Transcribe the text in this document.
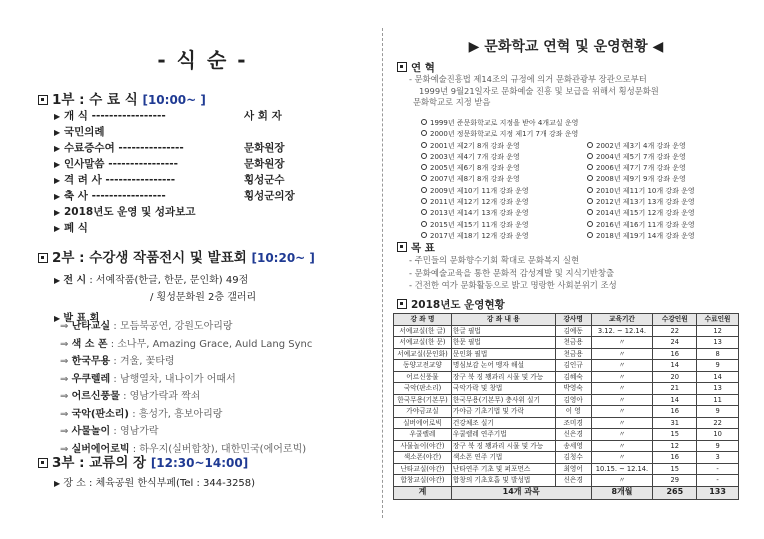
- 식 순 -
1부 : 수 료 식 [10:00~ ]
▶ 개 식 -----------------	사 회 자
▶ 국민의례
▶ 수료증수여 ---------------	문화원장
▶ 인사말씀 ----------------	문화원장
▶ 격 려 사 ----------------	횡성군수
▶ 축 사 -----------------	횡성군의장
▶ 2018년도 운영 및 성과보고
▶ 폐 식
2부 : 수강생 작품전시 및 발표회 [10:20~ ]
▶ 전 시 : 서예작품(한글, 한문, 문인화) 49점
/ 횡성문화원 2층 갤러리
▶ 발 표 회
⇒ 난타교실 : 모듬북공연, 강원도아리랑
⇒ 색 소 폰 : 소나무, Amazing Grace, Auld Lang Sync
⇒ 한국무용 : 겨울, 꽃타령
⇒ 우쿠렐레 : 남행열차, 내나이가 어때서
⇒ 어르신풍물 : 영남가락과 짝쇠
⇒ 국악(판소리) : 흥성가, 흥보아리랑
⇒ 사물놀이 : 영남가락
⇒ 실버에어로빅 : 하우지(실버합창), 대한민국(에어로빅)
3부 : 교류의 장 [12:30~14:00]
▶ 장 소 : 체육공원 한식부페(Tel : 344-3258)
▶ 문화학교 연혁 및 운영현황 ◀
연 혁
- 문화예술진흥법 제14조의 규정에 의거 문화관광부 장관으로부터
1999년 9월21일자로 문화예술 진흥 및 보급을 위해서 횡성문화원
문화학교로 지정 받음
1999년 준문화학교로 지정을 받아 4개교실 운영
2000년 정문화학교로 지정 제1기 7개 강좌 운영
2001년 제2기 8개 강좌 운영	2002년 제3기 4개 강좌 운영
2003년 제4기 7개 강좌 운영	2004년 제5기 7개 강좌 운영
2005년 제6기 8개 강좌 운영	2006년 제7기 7개 강좌 운영
2007년 제8기 8개 강좌 운영	2008년 제9기 9개 강좌 운영
2009년 제10기 11개 강좌 운영	2010년 제11기 10개 강좌 운영
2011년 제12기 12개 강좌 운영	2012년 제13기 13개 강좌 운영
2013년 제14기 13개 강좌 운영	2014년 제15기 12개 강좌 운영
2015년 제15기 11개 강좌 운영	2016년 제16기 11개 강좌 운영
2017년 제18기 12개 강좌 운영	2018년 제19기 14개 강좌 운영
목 표
- 주민들의 문화향수기회 확대로 문화복지 실현
- 문화예술교육을 통한 문화적 감성계발 및 지식기반창출
- 건전한 여가 문화활동으로 밝고 명랑한 사회분위기 조성
2018년도 운영현황
강 좌 명	강 좌 내 용	강사명	교육기간	수강인원	수료인원
서예교실(한 글)	한글 필법	김예동	3.12. ~ 12.14.	22	12
서예교실(한 문)	한문 필법	천금용	〃	24	13
서예교실(문인화)	문인화 필법	천금용	〃	16	8
동양고전교양	명심보감 논어 맹자 해설	김인규	〃	14	9
어르신풍물	장구 북 징 꽹과리 시물 및 가능	김혜숙	〃	20	14
국악(판소리)	국악가락 및 창법	박영숙	〃	21	13
한국무용(기본무)	한국무용(기본무) 충사위 실기	김영아	〃	14	11
가야금교실	가야금 기초기법 및 가락	이 영	〃	16	9
실버에어로빅	건강체조 실기	조미경	〃	31	22
우쿨렐레	우쿨렐레 연주기법	신은경	〃	15	10
사물놀이(야간)	장구 북 징 꽹과리 시물 및 가능	송세영	〃	12	9
색소폰(야간)	색소폰 연주 기법	김청수	〃	16	3
난타교실(야간)	난타연주 기초 및 퍼포먼스	최영어	10.15. ~ 12.14.	15	-
합창교실(야간)	합창의 기초호흡 및 발성법	신은경	〃	29	-
계	14개 과목		8개월	265	133
